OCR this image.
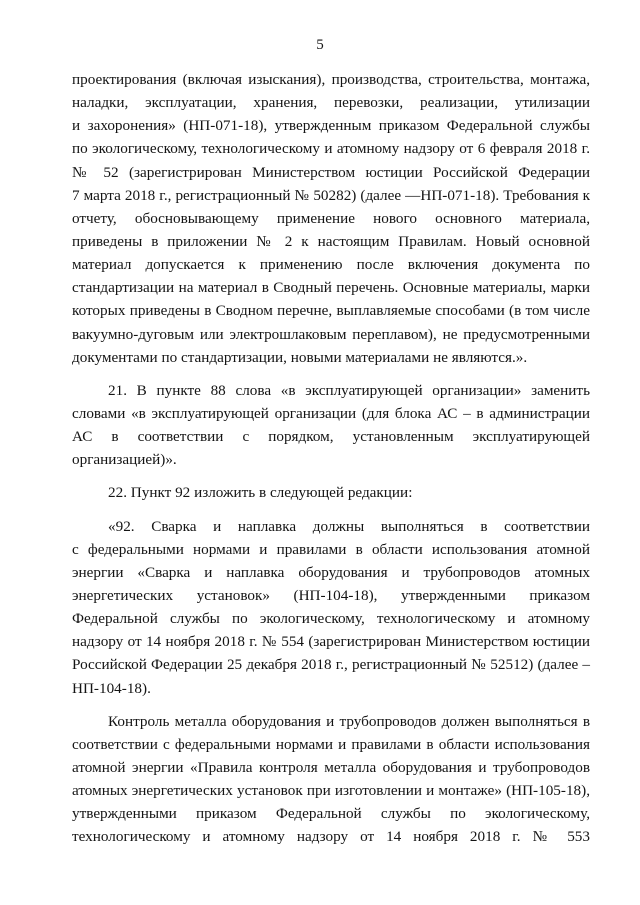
5
проектирования (включая изыскания), производства, строительства, монтажа,
наладки, эксплуатации, хранения, перевозки, реализации, утилизации
и захоронения» (НП-071-18), утвержденным приказом Федеральной службы
по экологическому, технологическому и атомному надзору от 6 февраля 2018 г.
№ 52 (зарегистрирован Министерством юстиции Российской Федерации
7 марта 2018 г., регистрационный № 50282) (далее —НП-071-18). Требования к
отчету, обосновывающему применение нового основного материала,
приведены в приложении № 2 к настоящим Правилам. Новый основной
материал допускается к применению после включения документа по
стандартизации на материал в Сводный перечень. Основные материалы, марки
которых приведены в Сводном перечне, выплавляемые способами (в том числе
вакуумно-дуговым или электрошлаковым переплавом), не предусмотренными
документами по стандартизации, новыми материалами не являются.».
21. В пункте 88 слова «в эксплуатирующей организации» заменить
словами «в эксплуатирующей организации (для блока АС – в администрации
АС в соответствии с порядком, установленным эксплуатирующей
организацией)».
22. Пункт 92 изложить в следующей редакции:
«92. Сварка и наплавка должны выполняться в соответствии
с федеральными нормами и правилами в области использования атомной
энергии «Сварка и наплавка оборудования и трубопроводов атомных
энергетических установок» (НП-104-18), утвержденными приказом
Федеральной службы по экологическому, технологическому и атомному
надзору от 14 ноября 2018 г. № 554 (зарегистрирован Министерством юстиции
Российской Федерации 25 декабря 2018 г., регистрационный № 52512) (далее –
НП-104-18).
Контроль металла оборудования и трубопроводов должен выполняться в
соответствии с федеральными нормами и правилами в области использования
атомной энергии «Правила контроля металла оборудования и трубопроводов
атомных энергетических установок при изготовлении и монтаже» (НП-105-18),
утвержденными приказом Федеральной службы по экологическому,
технологическому и атомному надзору от 14 ноября 2018 г. № 553
